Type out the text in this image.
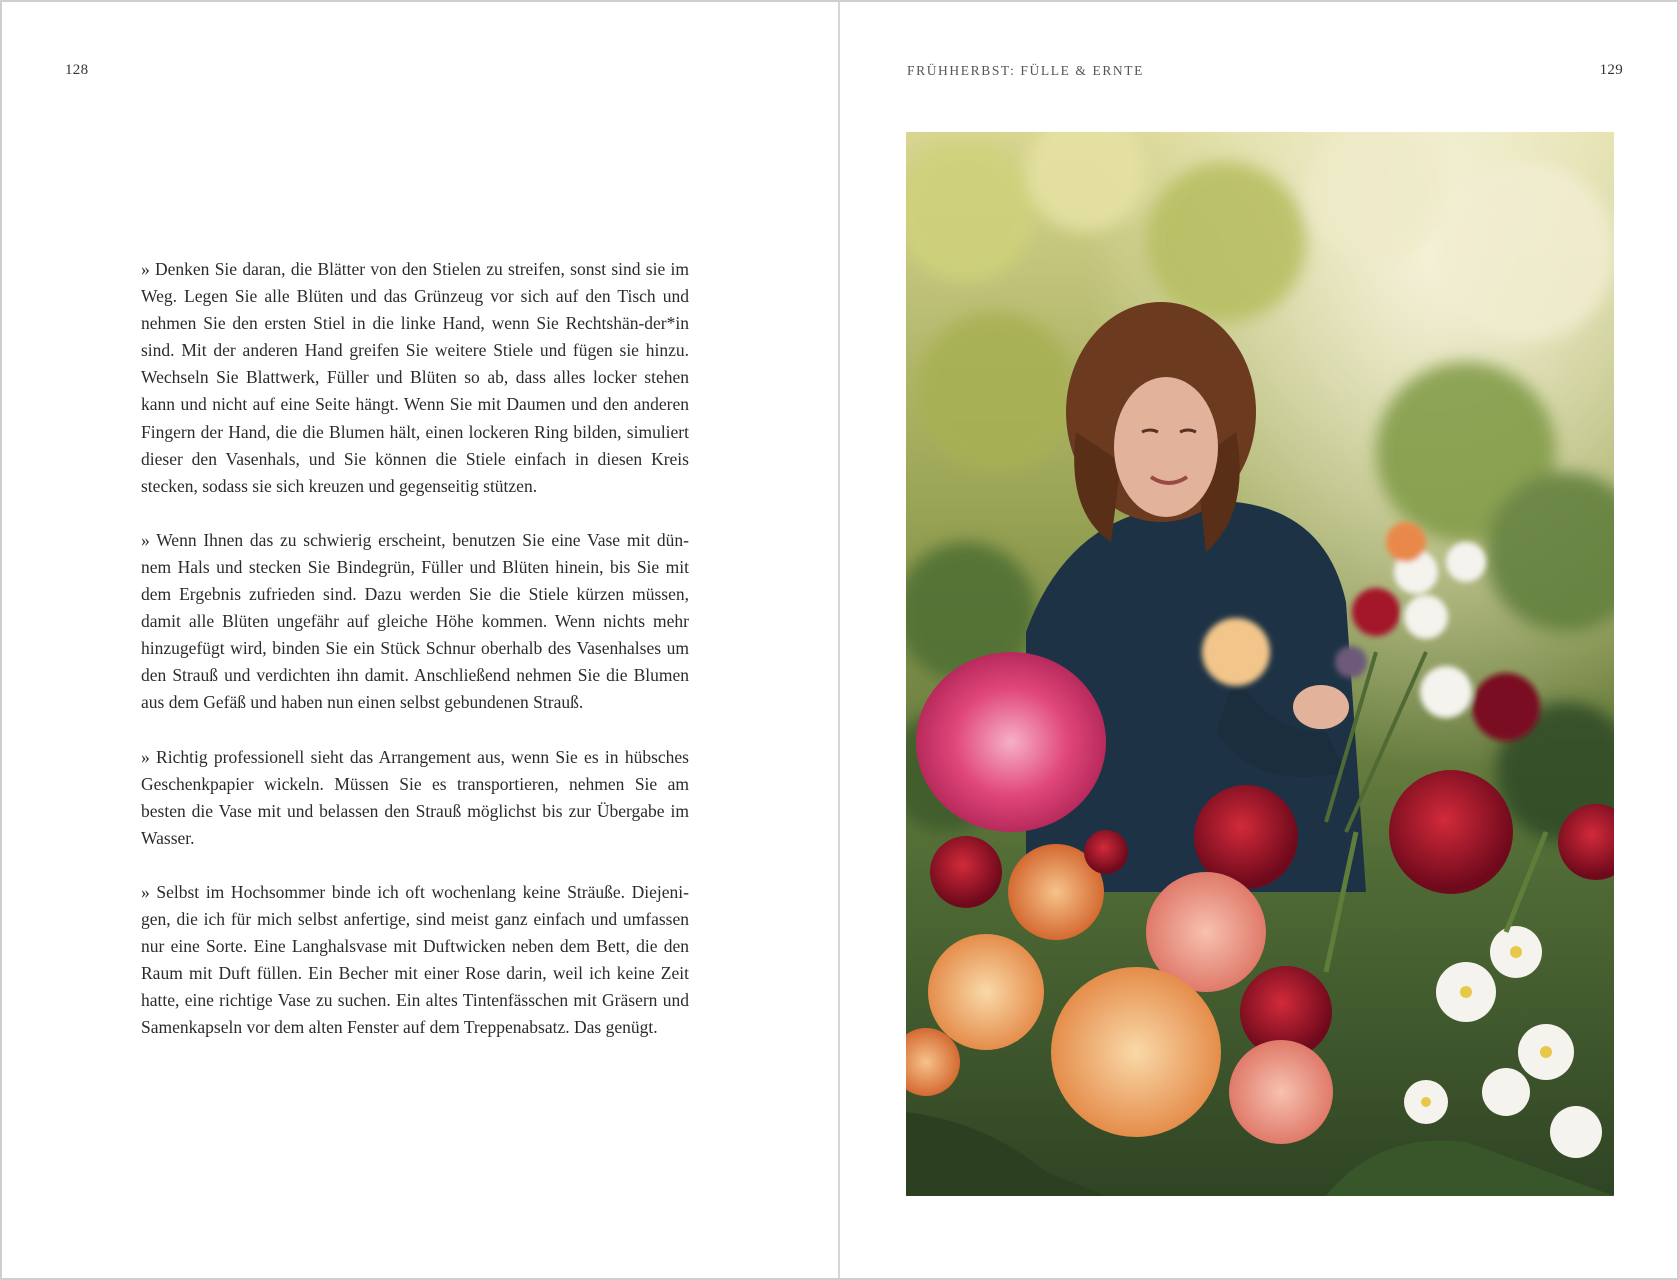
128

» Denken Sie daran, die Blätter von den Stielen zu streifen, sonst sind sie im Weg. Legen Sie alle Blüten und das Grünzeug vor sich auf den Tisch und nehmen Sie den ersten Stiel in die linke Hand, wenn Sie Rechtshän-der*in sind. Mit der anderen Hand greifen Sie weitere Stiele und fügen sie hinzu. Wechseln Sie Blattwerk, Füller und Blüten so ab, dass alles locker stehen kann und nicht auf eine Seite hängt. Wenn Sie mit Daumen und den anderen Fingern der Hand, die die Blumen hält, einen lockeren Ring bilden, simuliert dieser den Vasenhals, und Sie können die Stiele einfach in diesen Kreis stecken, sodass sie sich kreuzen und gegenseitig stützen.

» Wenn Ihnen das zu schwierig erscheint, benutzen Sie eine Vase mit dün-nem Hals und stecken Sie Bindegrün, Füller und Blüten hinein, bis Sie mit dem Ergebnis zufrieden sind. Dazu werden Sie die Stiele kürzen müssen, damit alle Blüten ungefähr auf gleiche Höhe kommen. Wenn nichts mehr hinzugefügt wird, binden Sie ein Stück Schnur oberhalb des Vasenhalses um den Strauß und verdichten ihn damit. Anschließend nehmen Sie die Blumen aus dem Gefäß und haben nun einen selbst gebundenen Strauß.

» Richtig professionell sieht das Arrangement aus, wenn Sie es in hübsches Geschenkpapier wickeln. Müssen Sie es transportieren, nehmen Sie am besten die Vase mit und belassen den Strauß möglichst bis zur Übergabe im Wasser.

» Selbst im Hochsommer binde ich oft wochenlang keine Sträuße. Diejeni-gen, die ich für mich selbst anfertige, sind meist ganz einfach und umfassen nur eine Sorte. Eine Langhalsvase mit Duftwicken neben dem Bett, die den Raum mit Duft füllen. Ein Becher mit einer Rose darin, weil ich keine Zeit hatte, eine richtige Vase zu suchen. Ein altes Tintenfässchen mit Gräsern und Samenkapseln vor dem alten Fenster auf dem Treppenabsatz. Das genügt.

FRÜHHERBST: FÜLLE & ERNTE	129
